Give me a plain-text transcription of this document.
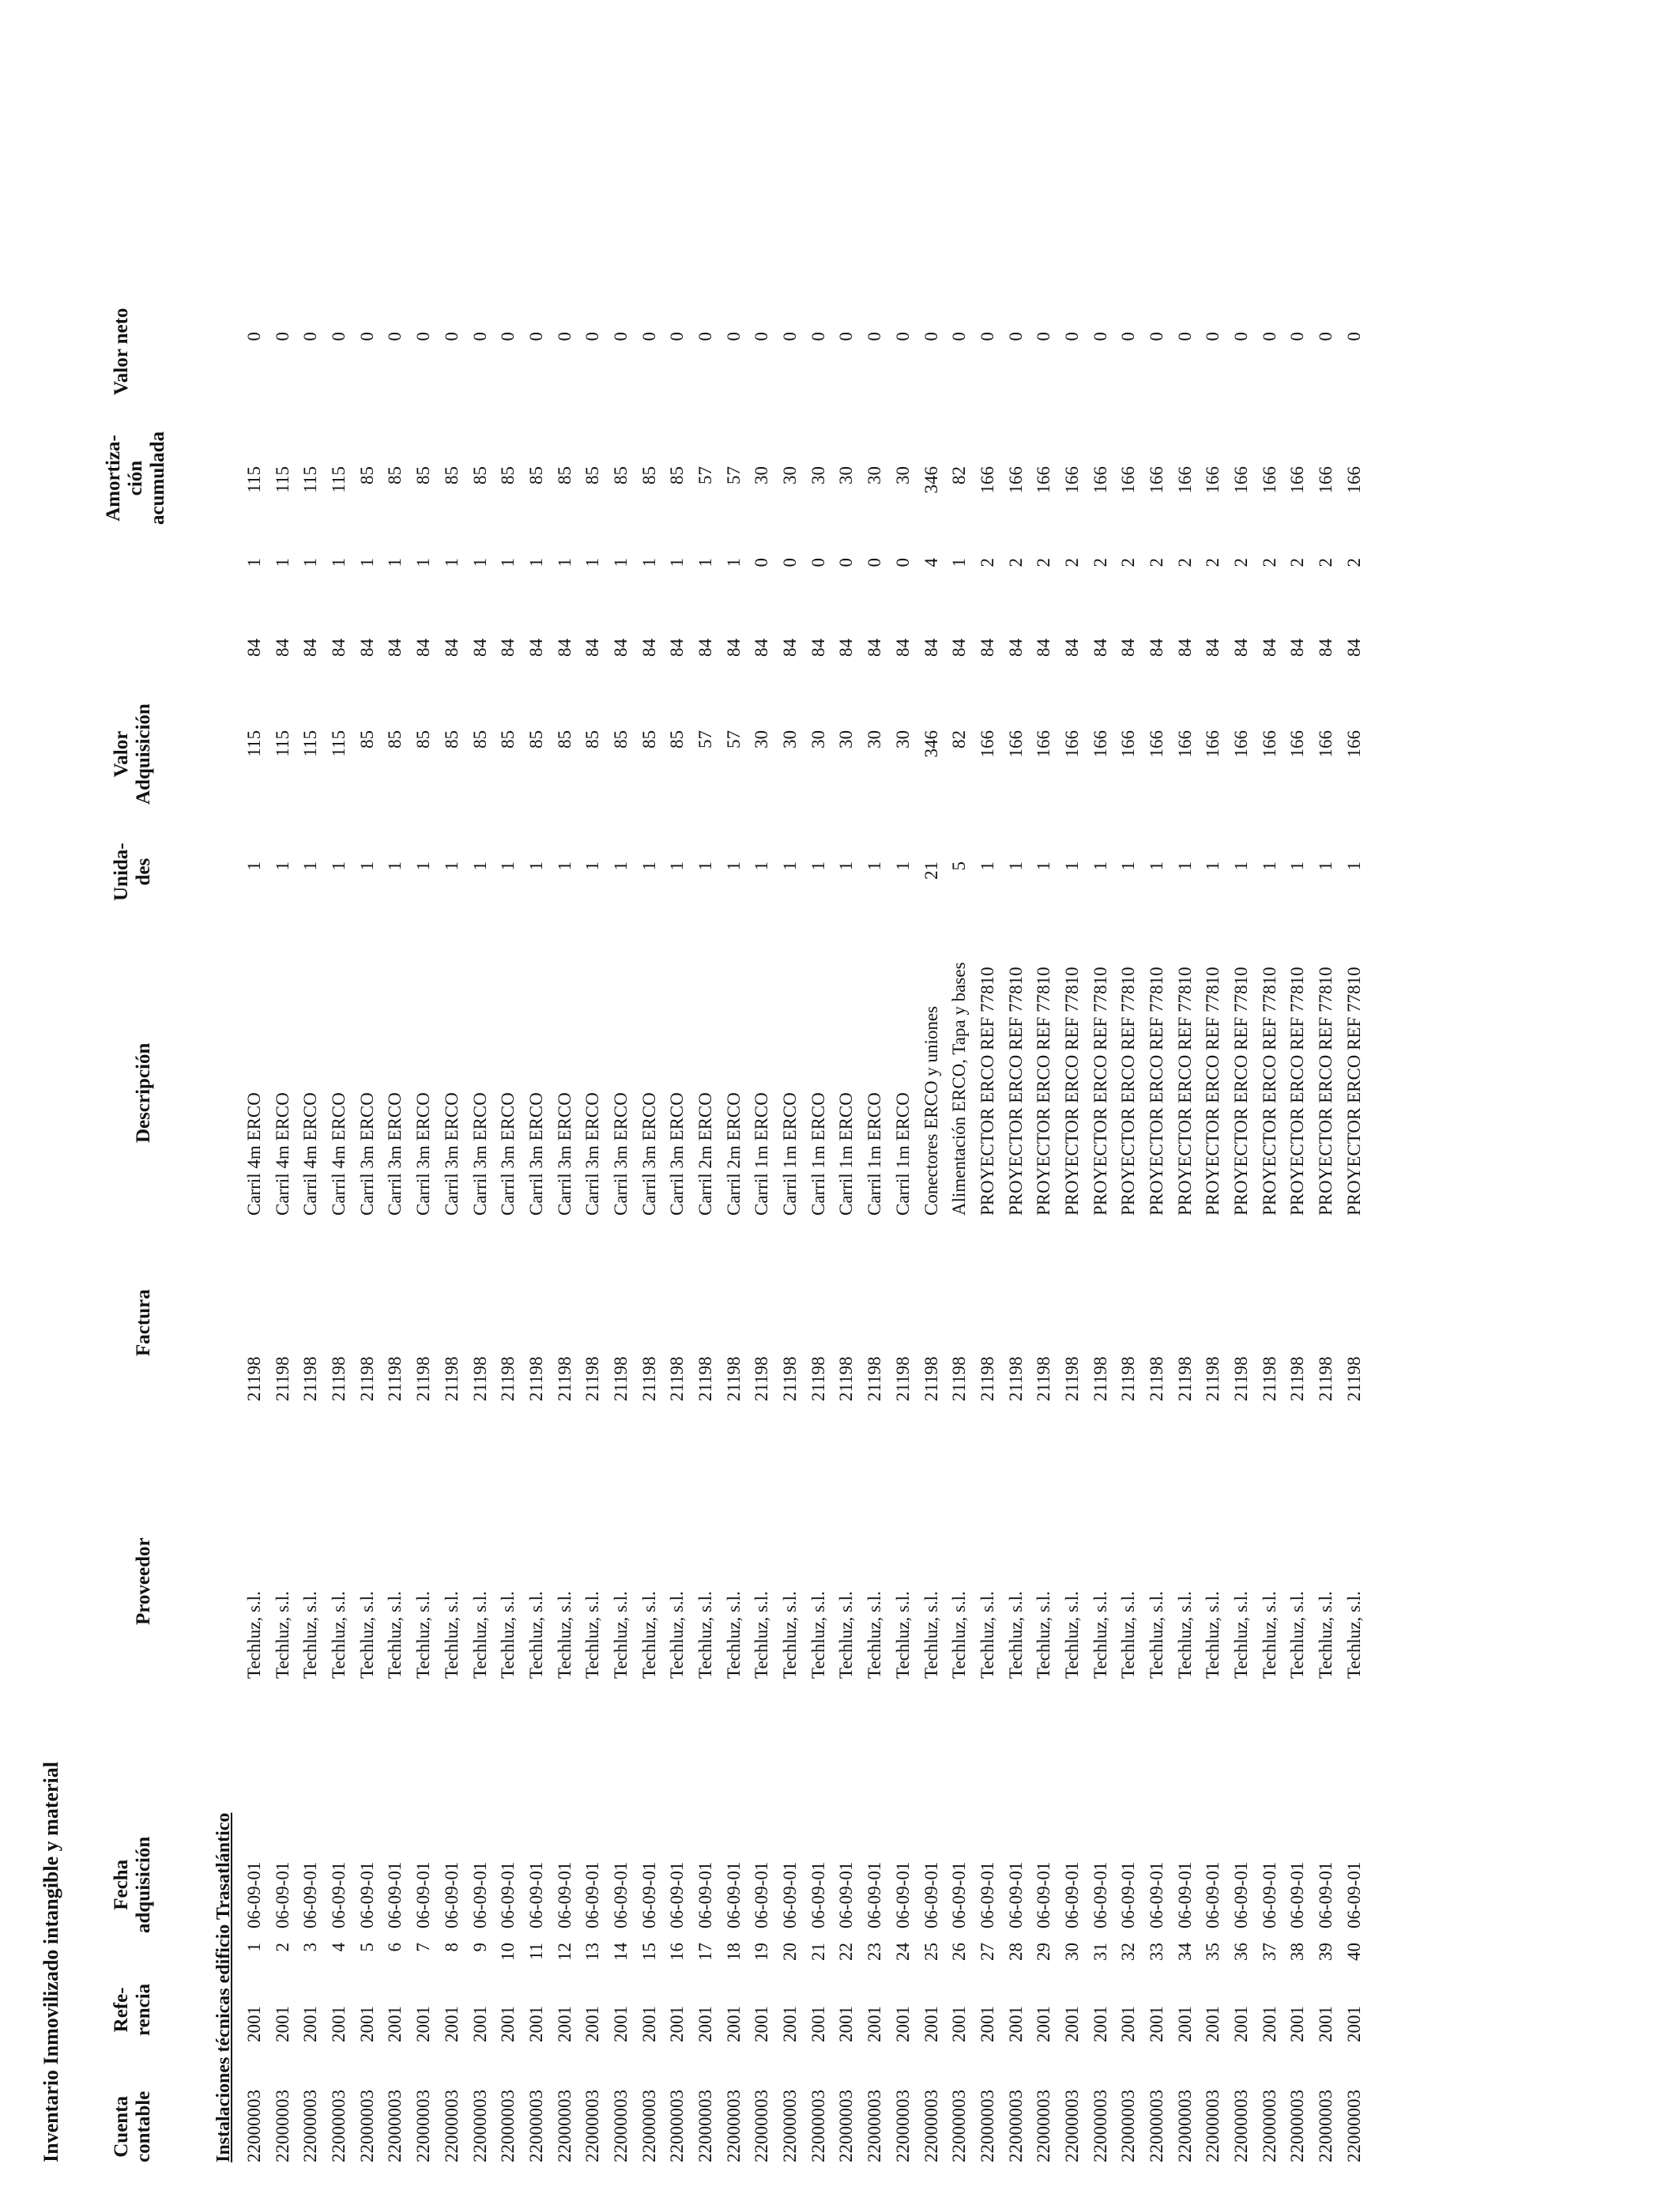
Inventario Inmovilizado intangible y material Cuenta contable
Refe- rencia
Fecha adquisición
Proveedor
Factura
Descripción
Unida- des
Valor Adquisición
Amortiza- ción acumulada
Valor neto
Instalaciones técnicas edificio Trasatlántico 22000003
2001
1
06-09-01
Techluz, s.l.
21198
Carril 4m ERCO
1
115
84
1
115
0
22000003
2001
2
06-09-01
Techluz, s.l.
21198
Carril 4m ERCO
1
115
84
1
115
0
22000003
2001
3
06-09-01
Techluz, s.l.
21198
Carril 4m ERCO
1
115
84
1
115
0
22000003
2001
4
06-09-01
Techluz, s.l.
21198
Carril 4m ERCO
1
115
84
1
115
0
22000003
2001
5
06-09-01
Techluz, s.l.
21198
Carril 3m ERCO
1
85
84
1
85
0
22000003
2001
6
06-09-01
Techluz, s.l.
21198
Carril 3m ERCO
1
85
84
1
85
0
22000003
2001
7
06-09-01
Techluz, s.l.
21198
Carril 3m ERCO
1
85
84
1
85
0
22000003
2001
8
06-09-01
Techluz, s.l.
21198
Carril 3m ERCO
1
85
84
1
85
0
22000003
2001
9
06-09-01
Techluz, s.l.
21198
Carril 3m ERCO
1
85
84
1
85
0
22000003
2001
10
06-09-01
Techluz, s.l.
21198
Carril 3m ERCO
1
85
84
1
85
0
22000003
2001
11
06-09-01
Techluz, s.l.
21198
Carril 3m ERCO
1
85
84
1
85
0
22000003
2001
12
06-09-01
Techluz, s.l.
21198
Carril 3m ERCO
1
85
84
1
85
0
22000003
2001
13
06-09-01
Techluz, s.l.
21198
Carril 3m ERCO
1
85
84
1
85
0
22000003
2001
14
06-09-01
Techluz, s.l.
21198
Carril 3m ERCO
1
85
84
1
85
0
22000003
2001
15
06-09-01
Techluz, s.l.
21198
Carril 3m ERCO
1
85
84
1
85
0
22000003
2001
16
06-09-01
Techluz, s.l.
21198
Carril 3m ERCO
1
85
84
1
85
0
22000003
2001
17
06-09-01
Techluz, s.l.
21198
Carril 2m ERCO
1
57
84
1
57
0
22000003
2001
18
06-09-01
Techluz, s.l.
21198
Carril 2m ERCO
1
57
84
1
57
0
22000003
2001
19
06-09-01
Techluz, s.l.
21198
Carril 1m ERCO
1
30
84
0
30
0
22000003
2001
20
06-09-01
Techluz, s.l.
21198
Carril 1m ERCO
1
30
84
0
30
0
22000003
2001
21
06-09-01
Techluz, s.l.
21198
Carril 1m ERCO
1
30
84
0
30
0
22000003
2001
22
06-09-01
Techluz, s.l.
21198
Carril 1m ERCO
1
30
84
0
30
0
22000003
2001
23
06-09-01
Techluz, s.l.
21198
Carril 1m ERCO
1
30
84
0
30
0
22000003
2001
24
06-09-01
Techluz, s.l.
21198
Carril 1m ERCO
1
30
84
0
30
0
22000003
2001
25
06-09-01
Techluz, s.l.
21198
Conectores ERCO y uniones
21
346
84
4
346
0
22000003
2001
26
06-09-01
Techluz, s.l.
21198
Alimentación ERCO, Tapa y bases
5
82
84
1
82
0
22000003
2001
27
06-09-01
Techluz, s.l.
21198
PROYECTOR ERCO REF 77810
1
166
84
2
166
0
22000003
2001
28
06-09-01
Techluz, s.l.
21198
PROYECTOR ERCO REF 77810
1
166
84
2
166
0
22000003
2001
29
06-09-01
Techluz, s.l.
21198
PROYECTOR ERCO REF 77810
1
166
84
2
166
0
22000003
2001
30
06-09-01
Techluz, s.l.
21198
PROYECTOR ERCO REF 77810
1
166
84
2
166
0
22000003
2001
31
06-09-01
Techluz, s.l.
21198
PROYECTOR ERCO REF 77810
1
166
84
2
166
0
22000003
2001
32
06-09-01
Techluz, s.l.
21198
PROYECTOR ERCO REF 77810
1
166
84
2
166
0
22000003
2001
33
06-09-01
Techluz, s.l.
21198
PROYECTOR ERCO REF 77810
1
166
84
2
166
0
22000003
2001
34
06-09-01
Techluz, s.l.
21198
PROYECTOR ERCO REF 77810
1
166
84
2
166
0
22000003
2001
35
06-09-01
Techluz, s.l.
21198
PROYECTOR ERCO REF 77810
1
166
84
2
166
0
22000003
2001
36
06-09-01
Techluz, s.l.
21198
PROYECTOR ERCO REF 77810
1
166
84
2
166
0
22000003
2001
37
06-09-01
Techluz, s.l.
21198
PROYECTOR ERCO REF 77810
1
166
84
2
166
0
22000003
2001
38
06-09-01
Techluz, s.l.
21198
PROYECTOR ERCO REF 77810
1
166
84
2
166
0
22000003
2001
39
06-09-01
Techluz, s.l.
21198
PROYECTOR ERCO REF 77810
1
166
84
2
166
0
22000003
2001
40
06-09-01
Techluz, s.l.
21198
PROYECTOR ERCO REF 77810
1
166
84
2
166
0
